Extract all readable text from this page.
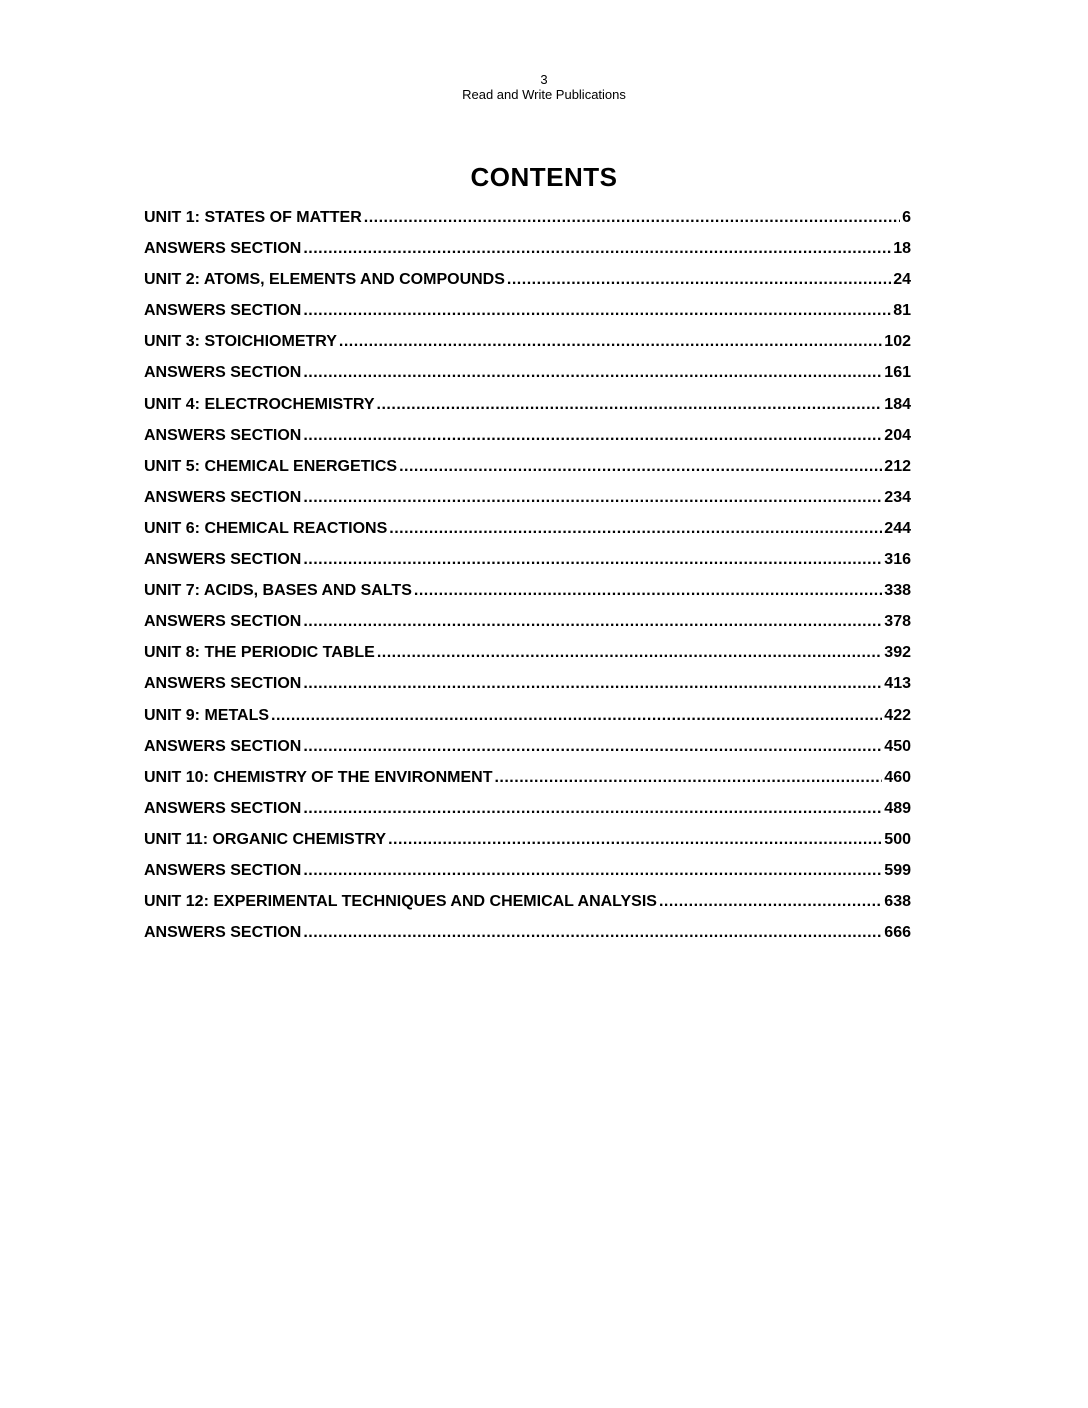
3
Read and Write Publications
CONTENTS
UNIT 1: STATES OF MATTER .....	6
ANSWERS SECTION .....	18
UNIT 2: ATOMS, ELEMENTS AND COMPOUNDS .....	24
ANSWERS SECTION .....	81
UNIT 3: STOICHIOMETRY .....	102
ANSWERS SECTION .....	161
UNIT 4: ELECTROCHEMISTRY .....	184
ANSWERS SECTION .....	204
UNIT 5: CHEMICAL ENERGETICS .....	212
ANSWERS SECTION .....	234
UNIT 6: CHEMICAL REACTIONS .....	244
ANSWERS SECTION .....	316
UNIT 7: ACIDS, BASES AND SALTS .....	338
ANSWERS SECTION .....	378
UNIT 8: THE PERIODIC TABLE .....	392
ANSWERS SECTION .....	413
UNIT 9: METALS .....	422
ANSWERS SECTION .....	450
UNIT 10: CHEMISTRY OF THE ENVIRONMENT .....	460
ANSWERS SECTION .....	489
UNIT 11: ORGANIC CHEMISTRY .....	500
ANSWERS SECTION .....	599
UNIT 12: EXPERIMENTAL TECHNIQUES AND CHEMICAL ANALYSIS .....	638
ANSWERS SECTION .....	666
